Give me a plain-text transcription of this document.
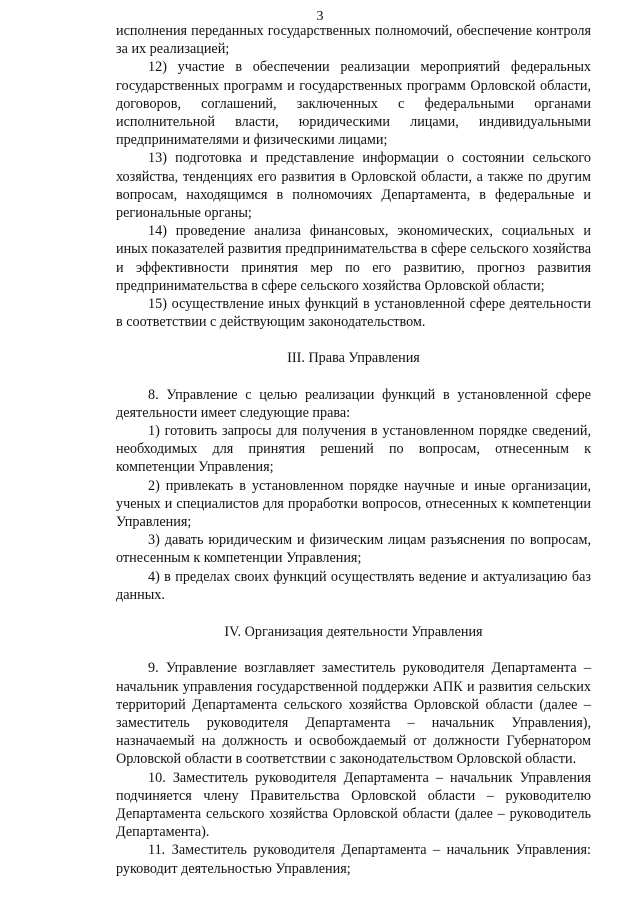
3

исполнения переданных государственных полномочий, обеспечение контроля за их реализацией;

12) участие в обеспечении реализации мероприятий федеральных государственных программ и государственных программ Орловской области, договоров, соглашений, заключенных с федеральными органами исполнительной власти, юридическими лицами, индивидуальными предпринимателями и физическими лицами;

13) подготовка и представление информации о состоянии сельского хозяйства, тенденциях его развития в Орловской области, а также по другим вопросам, находящимся в полномочиях Департамента, в федеральные и региональные органы;

14) проведение анализа финансовых, экономических, социальных и иных показателей развития предпринимательства в сфере сельского хозяйства и эффективности принятия мер по его развитию, прогноз развития предпринимательства в сфере сельского хозяйства Орловской области;

15) осуществление иных функций в установленной сфере деятельности в соответствии с действующим законодательством.

III. Права Управления

8. Управление с целью реализации функций в установленной сфере деятельности имеет следующие права:

1) готовить запросы для получения в установленном порядке сведений, необходимых для принятия решений по вопросам, отнесенным к компетенции Управления;

2) привлекать в установленном порядке научные и иные организации, ученых и специалистов для проработки вопросов, отнесенных к компетенции Управления;

3) давать юридическим и физическим лицам разъяснения по вопросам, отнесенным к компетенции Управления;

4) в пределах своих функций осуществлять ведение и актуализацию баз данных.

IV. Организация деятельности Управления

9. Управление возглавляет заместитель руководителя Департамента – начальник управления государственной поддержки АПК и развития сельских территорий Департамента сельского хозяйства Орловской области (далее – заместитель руководителя Департамента – начальник Управления), назначаемый на должность и освобождаемый от должности Губернатором Орловской области в соответствии с законодательством Орловской области.

10. Заместитель руководителя Департамента – начальник Управления подчиняется члену Правительства Орловской области – руководителю Департамента сельского хозяйства Орловской области (далее – руководитель Департамента).

11. Заместитель руководителя Департамента – начальник Управления: руководит деятельностью Управления;
